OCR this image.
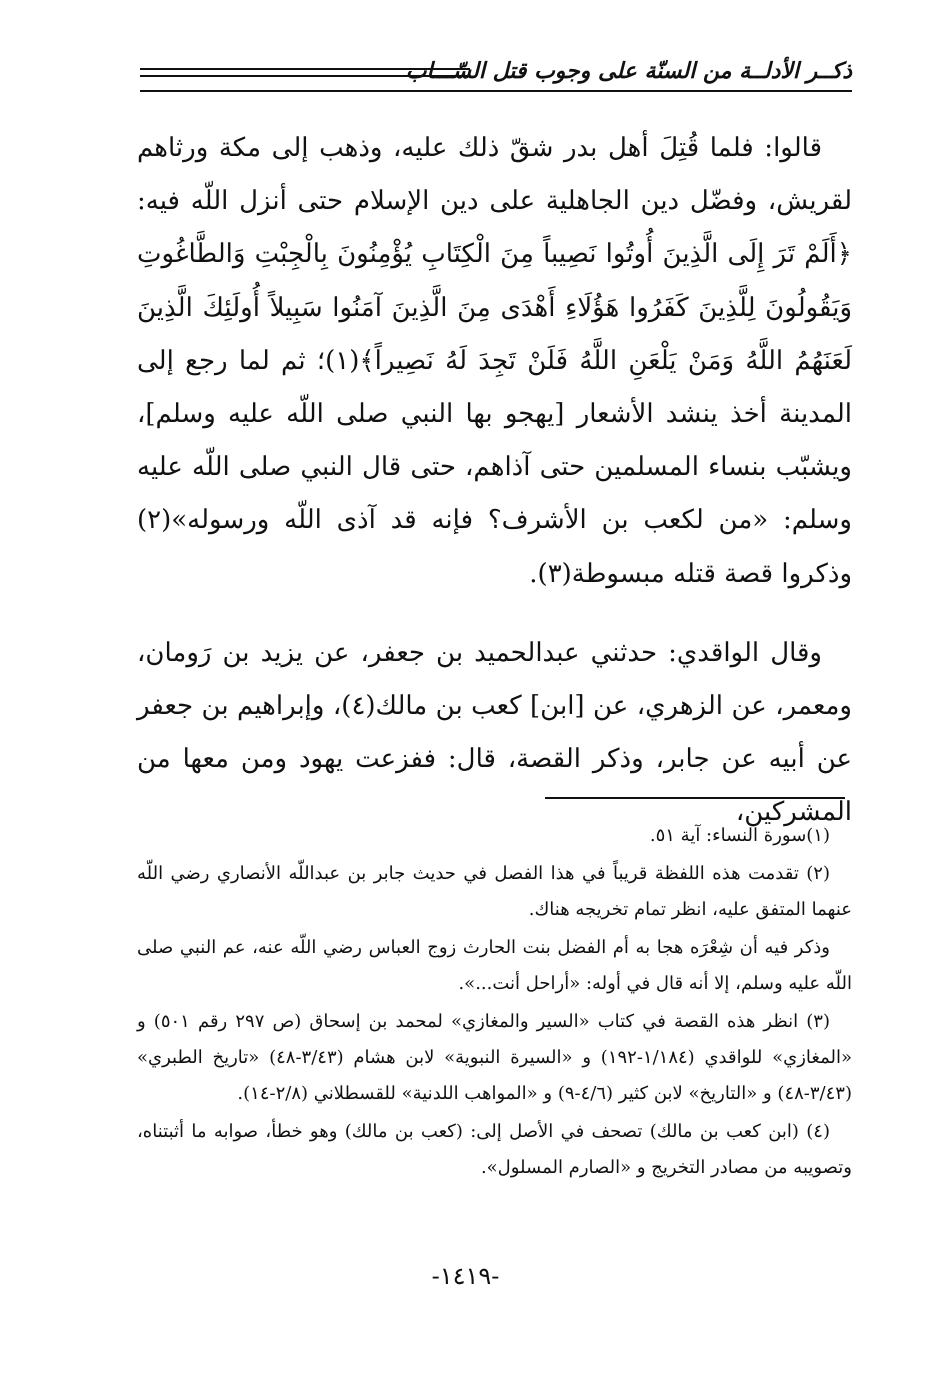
ذكــر الأدلــة من السنّة على وجوب قتل السّـــاب

قالوا: فلما قُتِلَ أهل بدر شقّ ذلك عليه، وذهب إلى مكة ورثاهم لقريش، وفضّل دين الجاهلية على دين الإسلام حتى أنزل اللّه فيه: ﴿أَلَمْ تَرَ إِلَى الَّذِينَ أُوتُوا نَصِيباً مِنَ الْكِتَابِ يُؤْمِنُونَ بِالْجِبْتِ وَالطَّاغُوتِ وَيَقُولُونَ لِلَّذِينَ كَفَرُوا هَؤُلَاءِ أَهْدَى مِنَ الَّذِينَ آمَنُوا سَبِيلاً أُولَئِكَ الَّذِينَ لَعَنَهُمُ اللَّهُ وَمَنْ يَلْعَنِ اللَّهُ فَلَنْ تَجِدَ لَهُ نَصِيراً﴾(١)؛ ثم لما رجع إلى المدينة أخذ ينشد الأشعار [يهجو بها النبي صلى اللّه عليه وسلم]، ويشبّب بنساء المسلمين حتى آذاهم، حتى قال النبي صلى اللّه عليه وسلم: «من لكعب بن الأشرف؟ فإنه قد آذى اللّه ورسوله»(٢) وذكروا قصة قتله مبسوطة(٣).

وقال الواقدي: حدثني عبدالحميد بن جعفر، عن يزيد بن رَومان، ومعمر، عن الزهري، عن [ابن] كعب بن مالك(٤)، وإبراهيم بن جعفر عن أبيه عن جابر، وذكر القصة، قال: ففزعت يهود ومن معها من المشركين،

(١)سورة النساء: آية ٥١.

(٢) تقدمت هذه اللفظة قريباً في هذا الفصل في حديث جابر بن عبداللّه الأنصاري رضي اللّه عنهما المتفق عليه، انظر تمام تخريجه هناك.

وذكر فيه أن شِعْرَه هجا به أم الفضل بنت الحارث زوج العباس رضي اللّه عنه، عم النبي صلى اللّه عليه وسلم، إلا أنه قال في أوله: «أراحل أنت...».

(٣) انظر هذه القصة في كتاب «السير والمغازي» لمحمد بن إسحاق (ص ٢٩٧ رقم ٥٠١) و «المغازي» للواقدي (١/١٨٤-١٩٢) و «السيرة النبوية» لابن هشام (٣/٤٣-٤٨) «تاريخ الطبري» (٣/٤٣-٤٨) و «التاريخ» لابن كثير (٤/٦-٩) و «المواهب اللدنية» للقسطلاني (٢/٨-١٤).

(٤) (ابن كعب بن مالك) تصحف في الأصل إلى: (كعب بن مالك) وهو خطأ، صوابه ما أثبتناه، وتصويبه من مصادر التخريج و «الصارم المسلول».

-١٤١٩-
